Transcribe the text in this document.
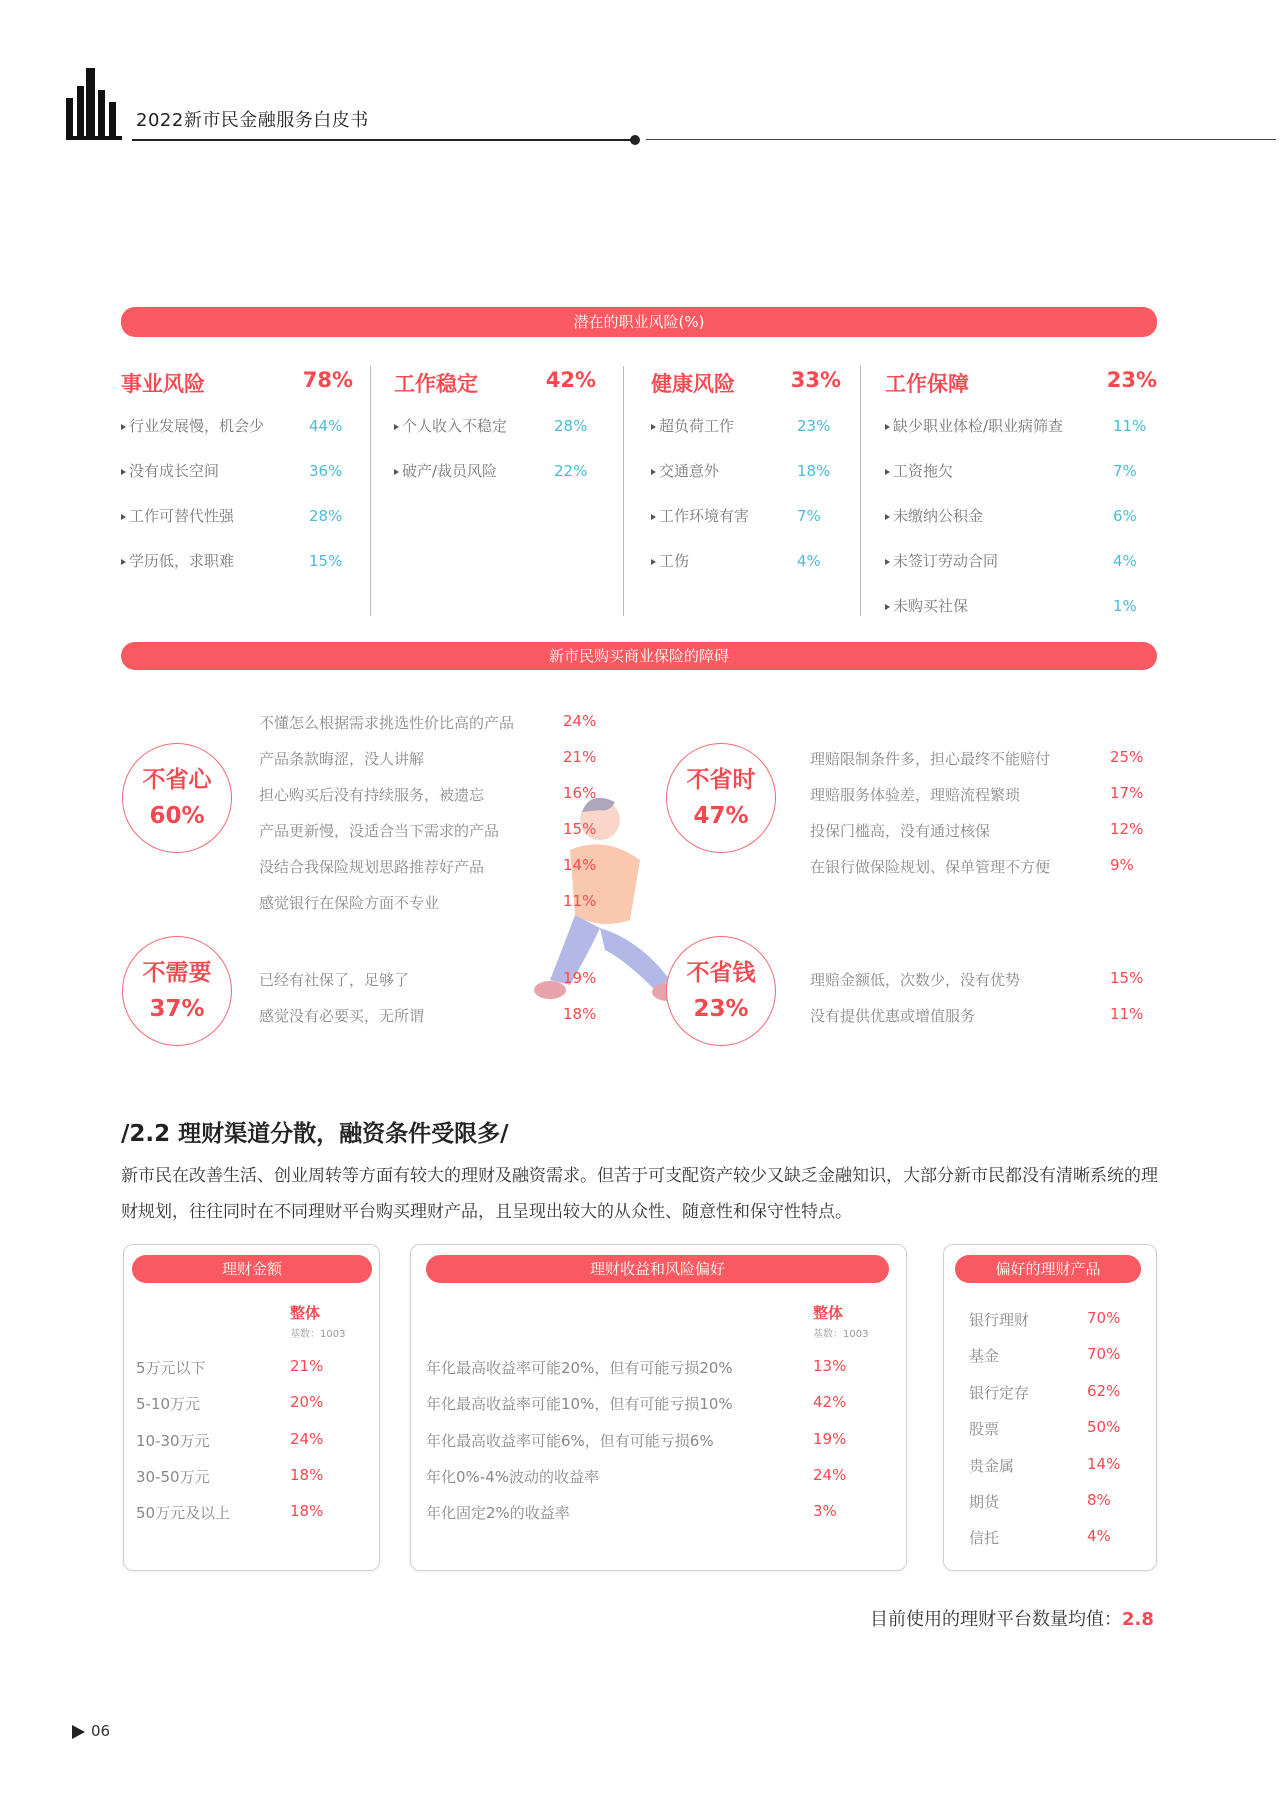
2022新市民金融服务白皮书
潜在的职业风险(%)
事业风险	78%
行业发展慢，机会少	44%
没有成长空间	36%
工作可替代性强	28%
学历低，求职难	15%
工作稳定	42%
个人收入不稳定	28%
破产/裁员风险	22%
健康风险	33%
超负荷工作	23%
交通意外	18%
工作环境有害	7%
工伤	4%
工作保障	23%
缺少职业体检/职业病筛查	11%
工资拖欠	7%
未缴纳公积金	6%
未签订劳动合同	4%
未购买社保	1%
新市民购买商业保险的障碍
不省心
60%
不懂怎么根据需求挑选性价比高的产品	24%
产品条款晦涩，没人讲解	21%
担心购买后没有持续服务，被遗忘	16%
产品更新慢，没适合当下需求的产品	15%
没结合我保险规划思路推荐好产品	14%
感觉银行在保险方面不专业	11%
不省时
47%
理赔限制条件多，担心最终不能赔付	25%
理赔服务体验差，理赔流程繁琐	17%
投保门槛高，没有通过核保	12%
在银行做保险规划、保单管理不方便	9%
不需要
37%
已经有社保了，足够了	19%
感觉没有必要买，无所谓	18%
不省钱
23%
理赔金额低，次数少，没有优势	15%
没有提供优惠或增值服务	11%
/2.2 理财渠道分散，融资条件受限多/
新市民在改善生活、创业周转等方面有较大的理财及融资需求。但苦于可支配资产较少又缺乏金融知识，大部分新市民都没有清晰系统的理财规划，往往同时在不同理财平台购买理财产品，且呈现出较大的从众性、随意性和保守性特点。
理财金额
整体
基数：1003
5万元以下	21%
5-10万元	20%
10-30万元	24%
30-50万元	18%
50万元及以上	18%
理财收益和风险偏好
整体
基数：1003
年化最高收益率可能20%，但有可能亏损20%	13%
年化最高收益率可能10%，但有可能亏损10%	42%
年化最高收益率可能6%，但有可能亏损6%	19%
年化0%-4%波动的收益率	24%
年化固定2%的收益率	3%
偏好的理财产品
银行理财	70%
基金	70%
银行定存	62%
股票	50%
贵金属	14%
期货	8%
信托	4%
目前使用的理财平台数量均值：2.8
06
